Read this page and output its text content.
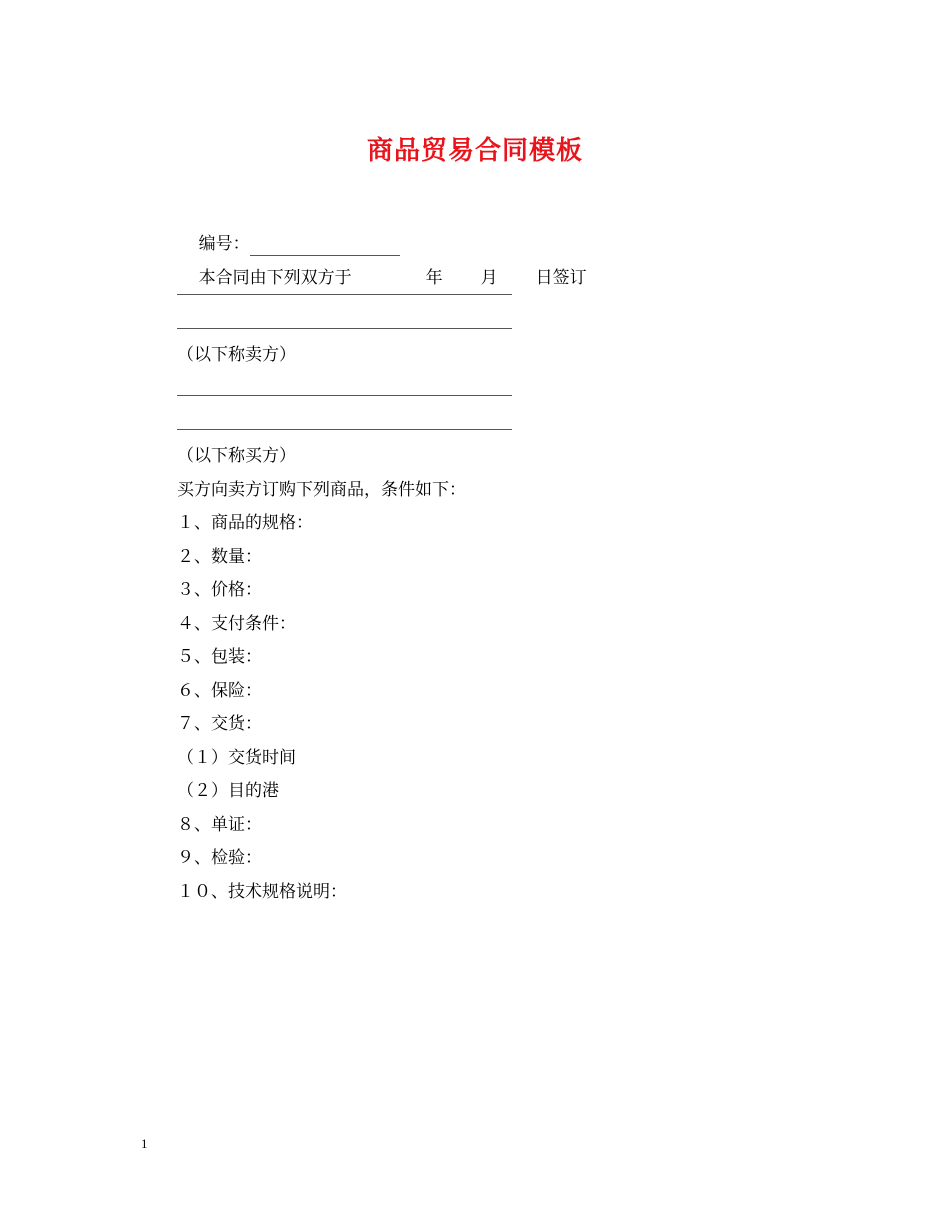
商品贸易合同模板

编号：

本合同由下列双方于	年 月 日签订

（以下称卖方）
（以下称买方）
买方向卖方订购下列商品，条件如下：
１、商品的规格：
２、数量：
３、价格：
４、支付条件：
５、包装：
６、保险：
７、交货：
（１）交货时间
（２）目的港
８、单证：
９、检验：
１０、技术规格说明：
1
